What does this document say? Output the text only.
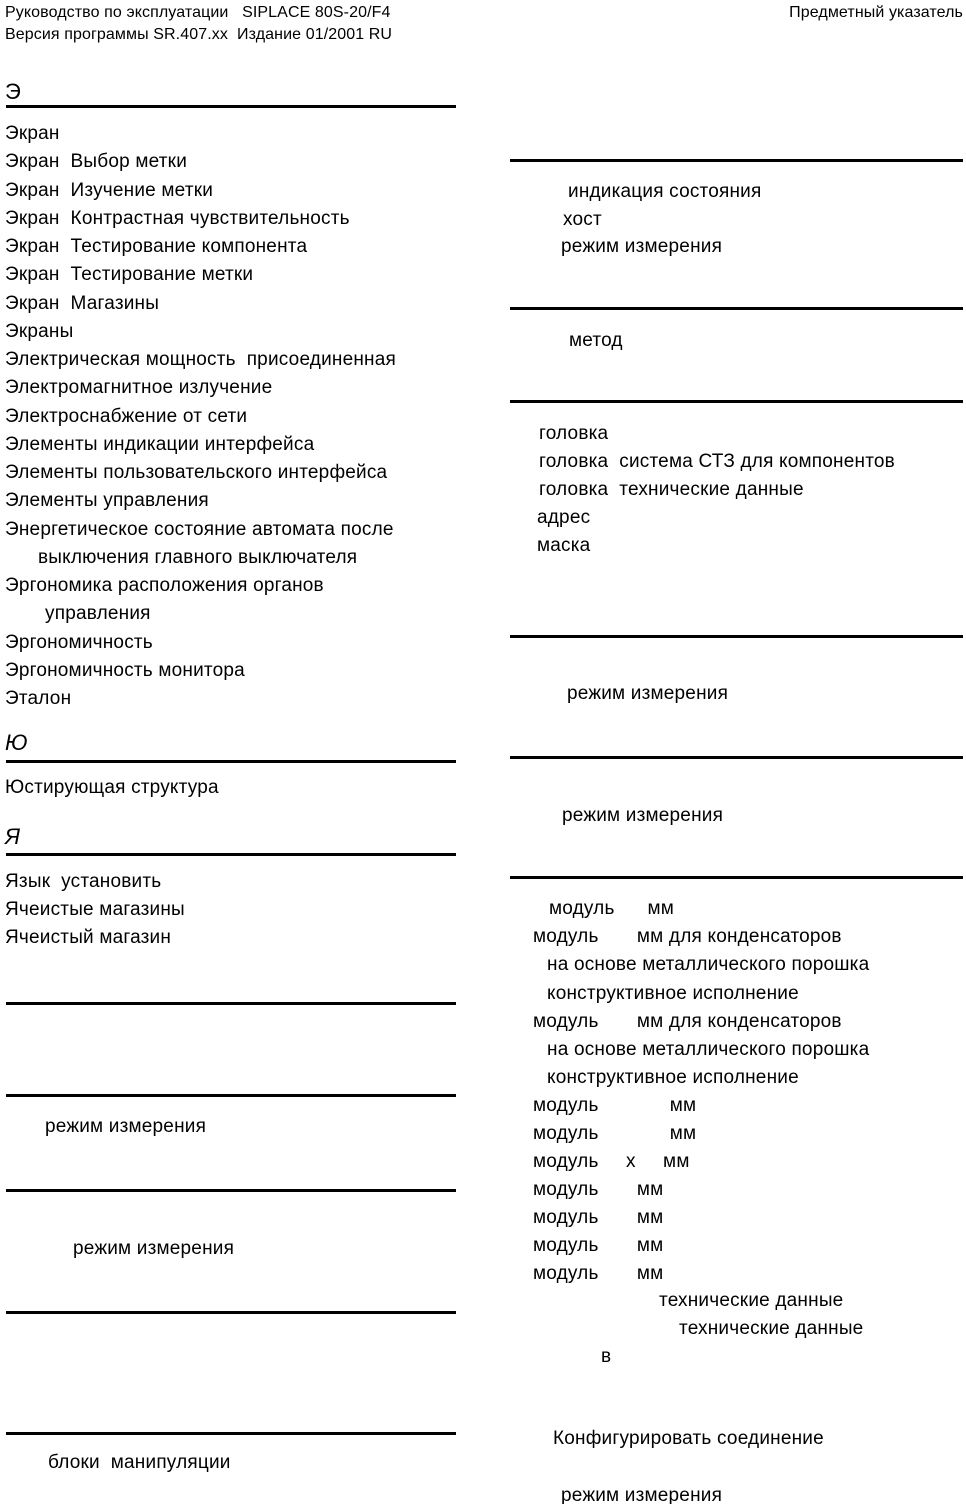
Руководство по эксплуатации   SIPLACE 80S-20/F4	Предметный указатель
Версия программы SR.407.xx  Издание 01/2001 RU
Э
Экран
Экран  Выбор метки
Экран  Изучение метки
Экран  Контрастная чувствительность
Экран  Тестирование компонента
Экран  Тестирование метки
Экран  Магазины
Экраны
Электрическая мощность  присоединенная
Электромагнитное излучение
Электроснабжение от сети
Элементы индикации интерфейса
Элементы пользовательского интерфейса
Элементы управления
Энергетическое состояние автомата после
выключения главного выключателя
Эргономика расположения органов
управления
Эргономичность
Эргономичность монитора
Эталон
Ю
Юстирующая структура
Я
Язык  установить
Ячеистые магазины
Ячеистый магазин
режим измерения
режим измерения
блоки  манипуляции
индикация состояния
хост
режим измерения
метод
головка
головка  система СТЗ для компонентов
головка  технические данные
адрес
маска
режим измерения
режим измерения
модуль      мм
модуль       мм для конденсаторов
на основе металлического порошка
конструктивное исполнение
модуль       мм для конденсаторов
на основе металлического порошка
конструктивное исполнение
модуль             мм
модуль             мм
модуль     х     мм
модуль       мм
модуль       мм
модуль       мм
модуль       мм
технические данные
технические данные
в
Конфигурировать соединение
режим измерения
